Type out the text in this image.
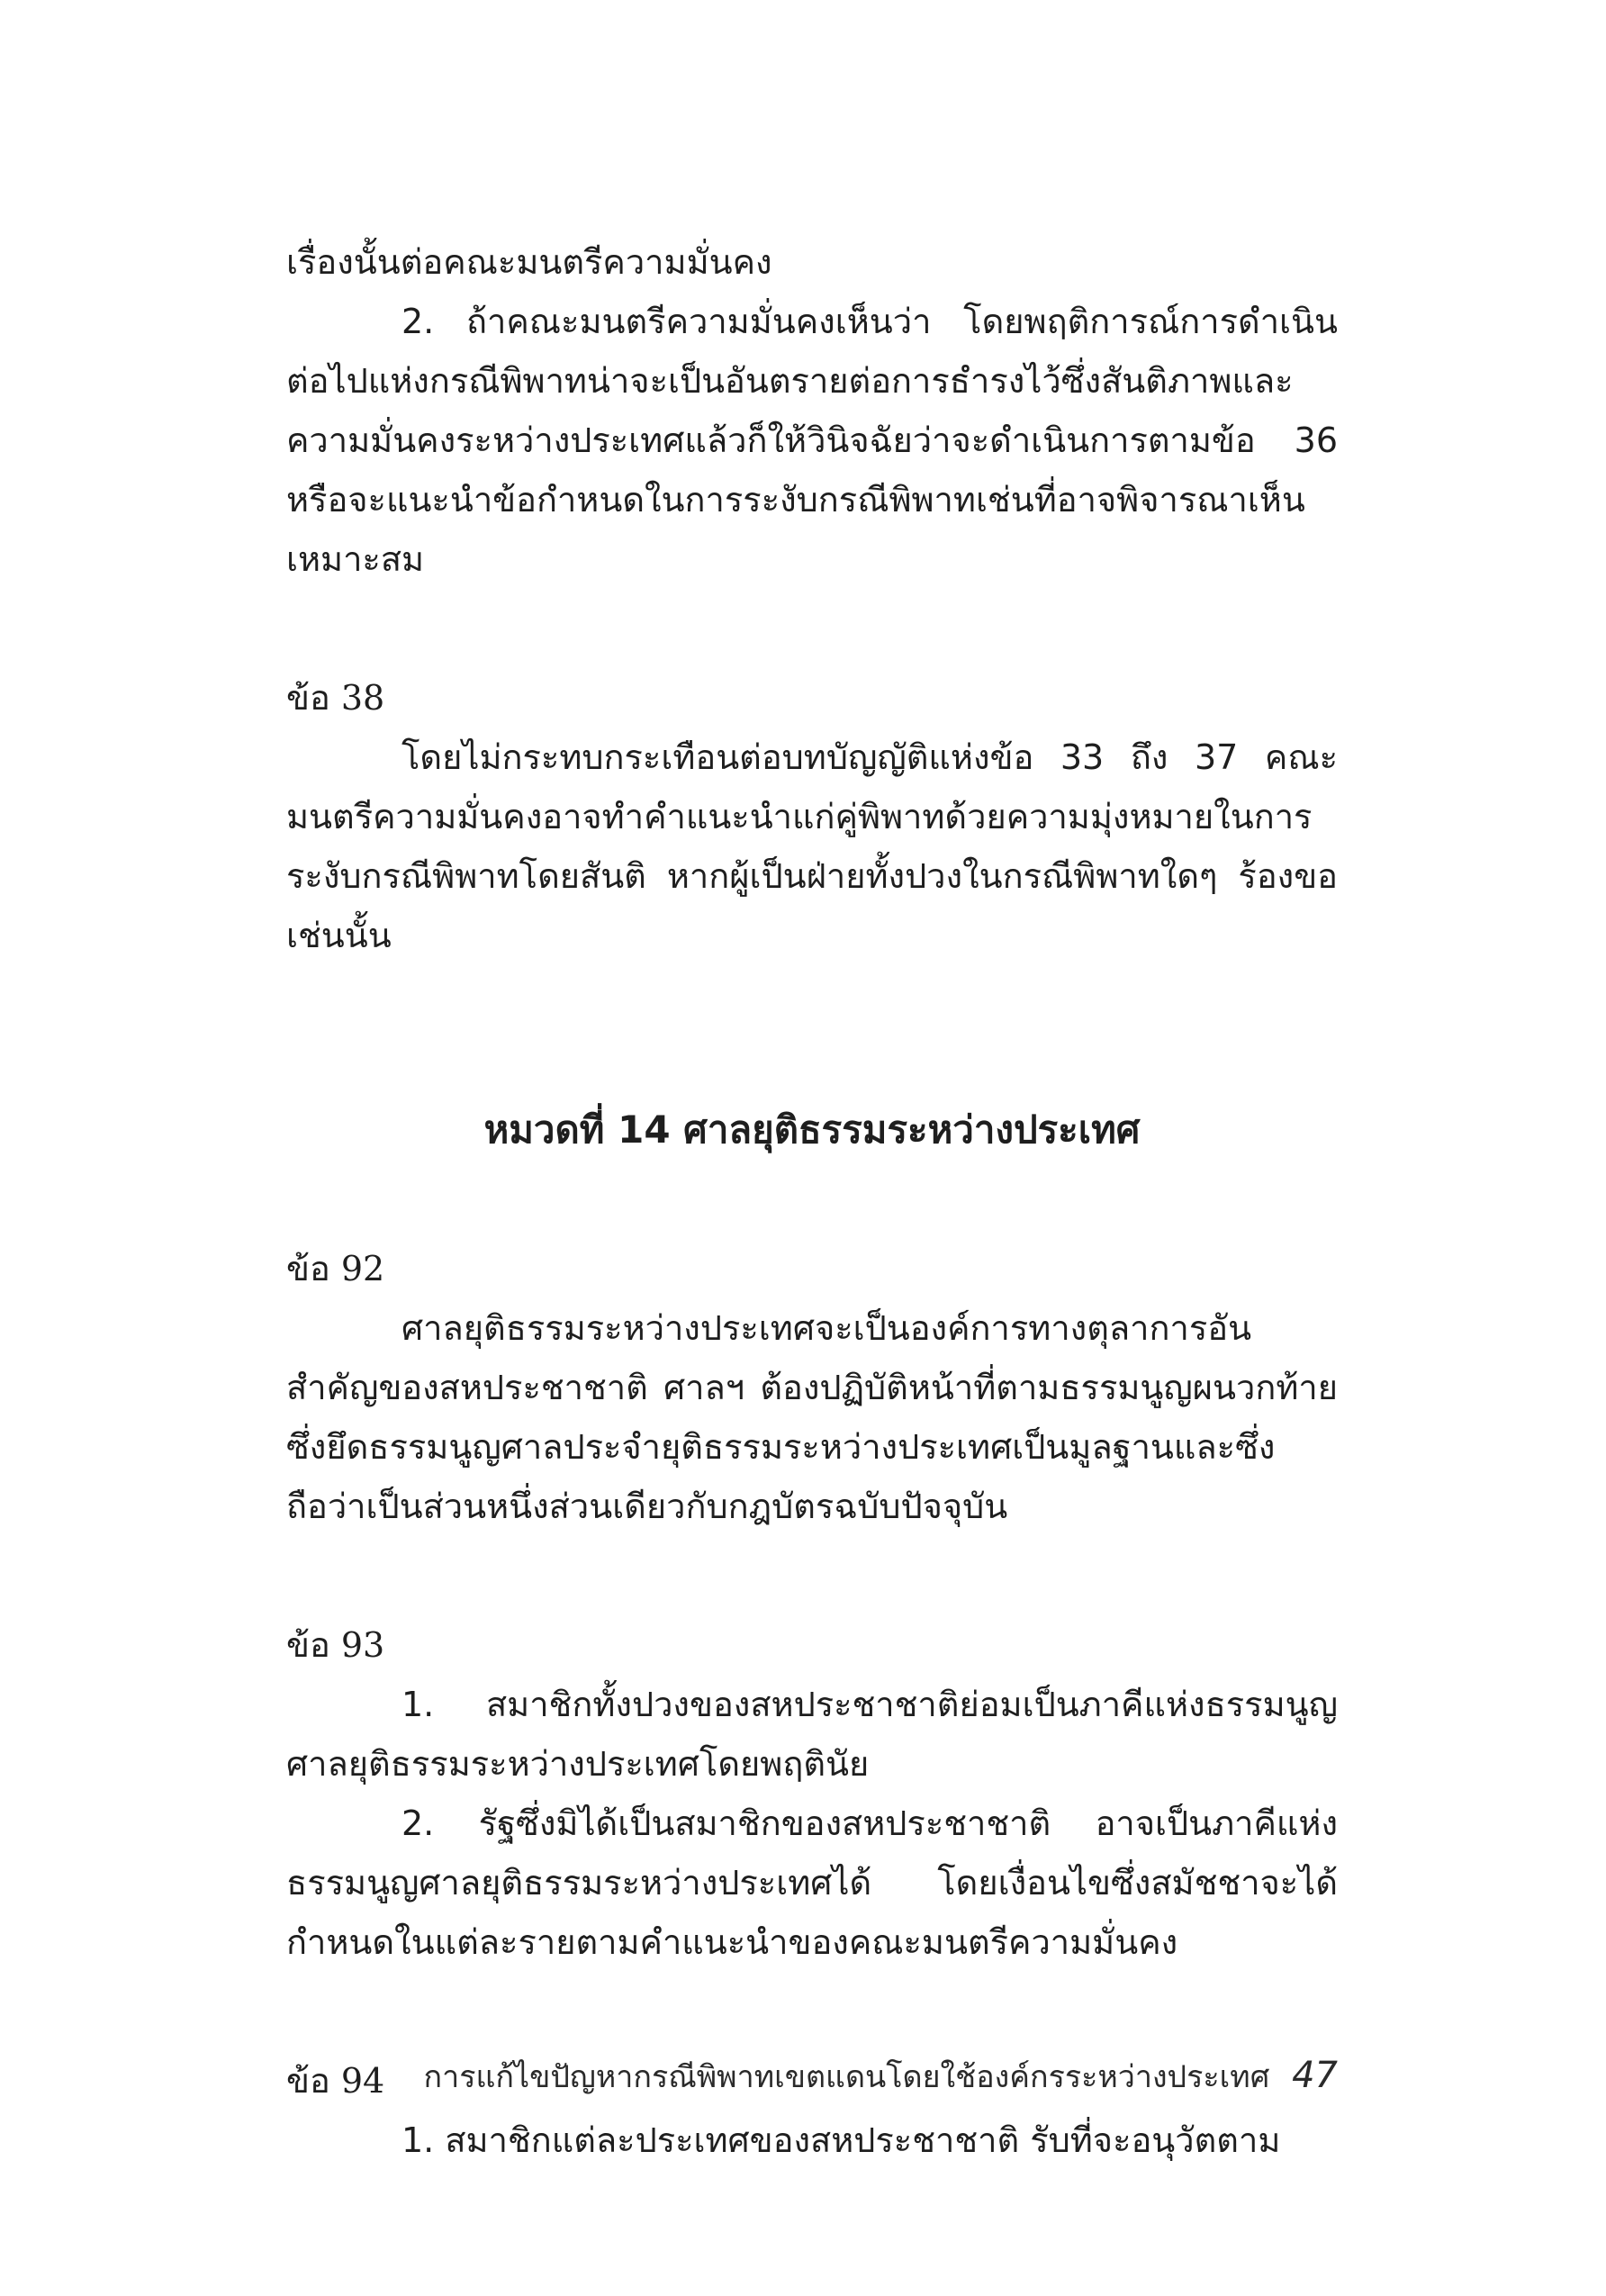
เรื่องนั้นต่อคณะมนตรีความมั่นคง

2. ถ้าคณะมนตรีความมั่นคงเห็นว่า โดยพฤติการณ์การดำเนินต่อไปแห่งกรณีพิพาทน่าจะเป็นอันตรายต่อการธำรงไว้ซึ่งสันติภาพและความมั่นคงระหว่างประเทศแล้วก็ให้วินิจฉัยว่าจะดำเนินการตามข้อ 36 หรือจะแนะนำข้อกำหนดในการระงับกรณีพิพาทเช่นที่อาจพิจารณาเห็นเหมาะสม

ข้อ 38

โดยไม่กระทบกระเทือนต่อบทบัญญัติแห่งข้อ 33 ถึง 37 คณะมนตรีความมั่นคงอาจทำคำแนะนำแก่คู่พิพาทด้วยความมุ่งหมายในการระงับกรณีพิพาทโดยสันติ หากผู้เป็นฝ่ายทั้งปวงในกรณีพิพาทใดๆ ร้องขอเช่นนั้น

หมวดที่ 14 ศาลยุติธรรมระหว่างประเทศ

ข้อ 92

ศาลยุติธรรมระหว่างประเทศจะเป็นองค์การทางตุลาการอันสำคัญของสหประชาชาติ ศาลฯ ต้องปฏิบัติหน้าที่ตามธรรมนูญผนวกท้าย ซึ่งยึดธรรมนูญศาลประจำยุติธรรมระหว่างประเทศเป็นมูลฐานและซึ่งถือว่าเป็นส่วนหนึ่งส่วนเดียวกับกฎบัตรฉบับปัจจุบัน

ข้อ 93

1. สมาชิกทั้งปวงของสหประชาชาติย่อมเป็นภาคีแห่งธรรมนูญศาลยุติธรรมระหว่างประเทศโดยพฤตินัย

2. รัฐซึ่งมิได้เป็นสมาชิกของสหประชาชาติ อาจเป็นภาคีแห่งธรรมนูญศาลยุติธรรมระหว่างประเทศได้ โดยเงื่อนไขซึ่งสมัชชาจะได้กำหนดในแต่ละรายตามคำแนะนำของคณะมนตรีความมั่นคง

ข้อ 94

1. สมาชิกแต่ละประเทศของสหประชาชาติ รับที่จะอนุวัตตาม

การแก้ไขปัญหากรณีพิพาทเขตแดนโดยใช้องค์กรระหว่างประเทศ 47
